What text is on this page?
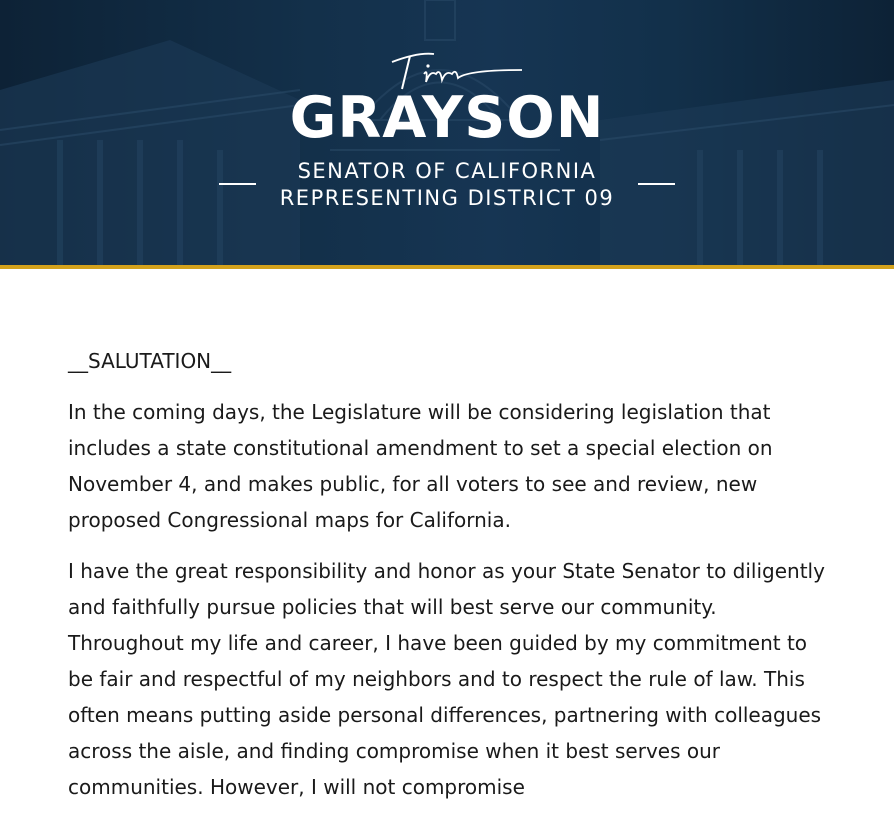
GRAYSON
SENATOR OF CALIFORNIA
REPRESENTING DISTRICT 09

__SALUTATION__

In the coming days, the Legislature will be considering legislation that includes a state constitutional amendment to set a special election on November 4, and makes public, for all voters to see and review, new proposed Congressional maps for California.

I have the great responsibility and honor as your State Senator to diligently and faithfully pursue policies that will best serve our community. Throughout my life and career, I have been guided by my commitment to be fair and respectful of my neighbors and to respect the rule of law. This often means putting aside personal differences, partnering with colleagues across the aisle, and finding compromise when it best serves our communities. However, I will not compromise
